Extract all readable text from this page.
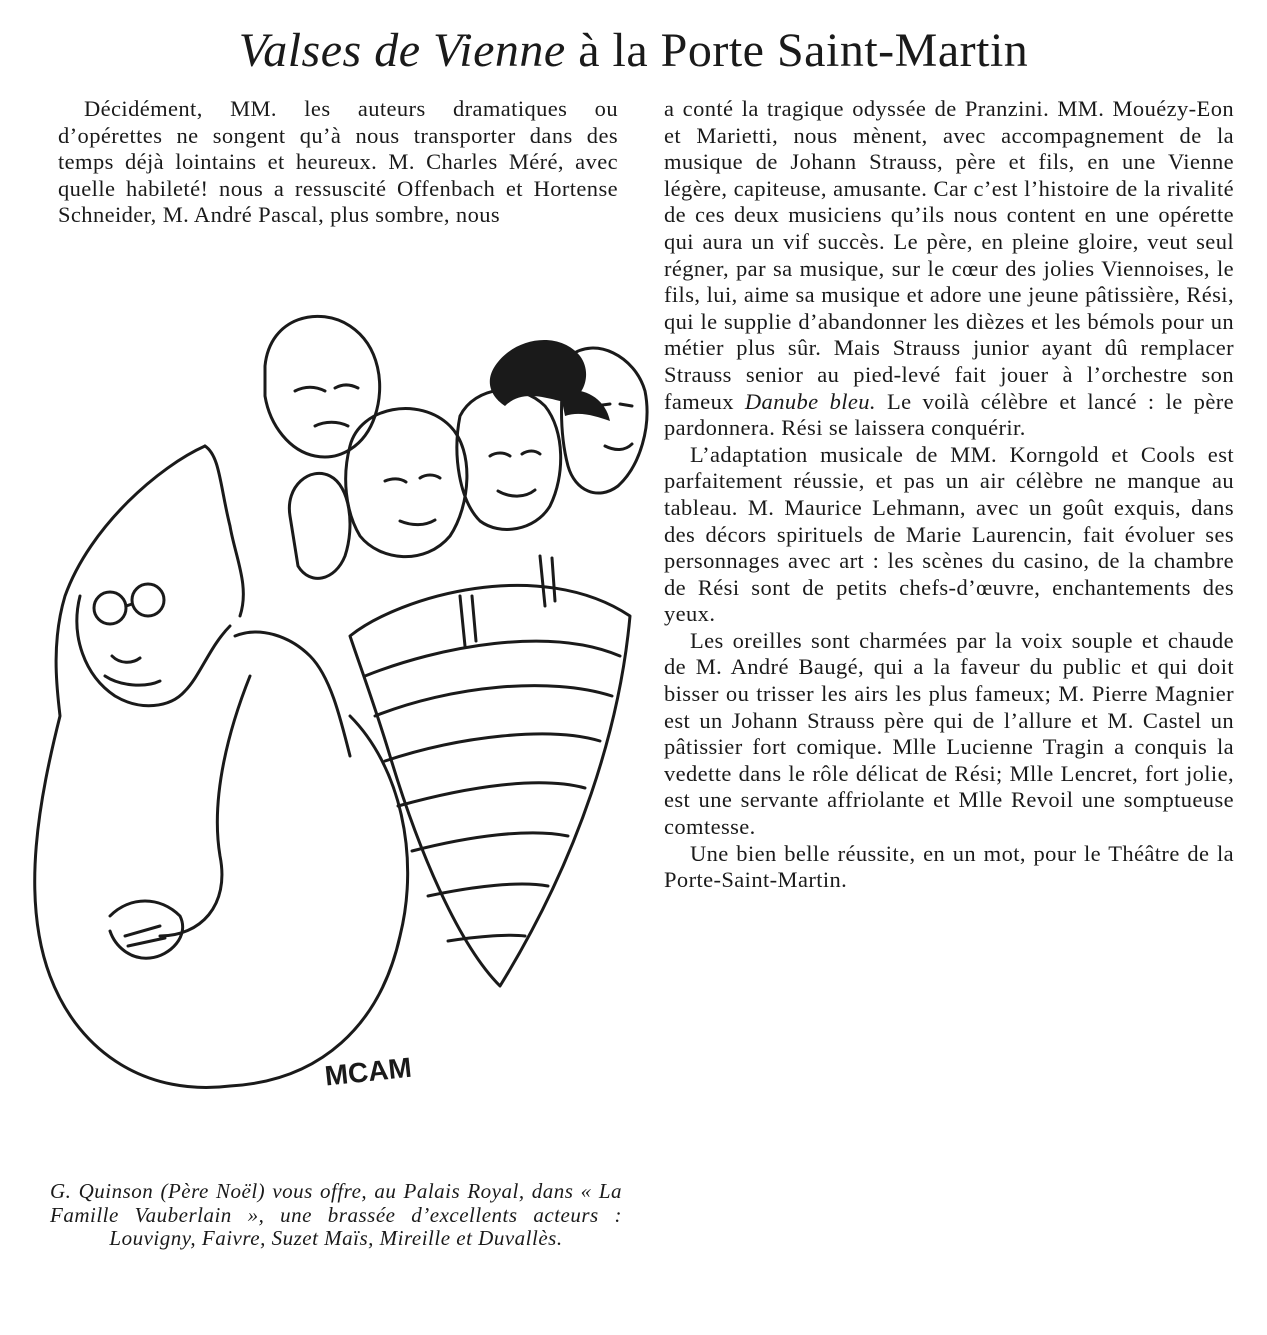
Valses de Vienne à la Porte Saint-Martin

Décidément, MM. les auteurs dramatiques ou d’opérettes ne songent qu’à nous transporter dans des temps déjà lointains et heureux. M. Charles Méré, avec quelle habileté! nous a ressuscité Offenbach et Hortense Schneider, M. André Pascal, plus sombre, nous

MCAM
G. Quinson (Père Noël) vous offre, au Palais Royal, dans « La Famille Vauberlain », une brassée d’excellents acteurs : Louvigny, Faivre, Suzet Maïs, Mireille et Duvallès.

a conté la tragique odyssée de Pranzini. MM. Mouézy-Eon et Marietti, nous mènent, avec accompagnement de la musique de Johann Strauss, père et fils, en une Vienne légère, capiteuse, amusante. Car c’est l’histoire de la rivalité de ces deux musiciens qu’ils nous content en une opérette qui aura un vif succès. Le père, en pleine gloire, veut seul régner, par sa musique, sur le cœur des jolies Viennoises, le fils, lui, aime sa musique et adore une jeune pâtissière, Rési, qui le supplie d’abandonner les dièzes et les bémols pour un métier plus sûr. Mais Strauss junior ayant dû remplacer Strauss senior au pied-levé fait jouer à l’orchestre son fameux Danube bleu. Le voilà célèbre et lancé : le père pardonnera. Rési se laissera conquérir.

L’adaptation musicale de MM. Korngold et Cools est parfaitement réussie, et pas un air célèbre ne manque au tableau. M. Maurice Lehmann, avec un goût exquis, dans des décors spirituels de Marie Laurencin, fait évoluer ses personnages avec art : les scènes du casino, de la chambre de Rési sont de petits chefs-d’œuvre, enchantements des yeux.

Les oreilles sont charmées par la voix souple et chaude de M. André Baugé, qui a la faveur du public et qui doit bisser ou trisser les airs les plus fameux; M. Pierre Magnier est un Johann Strauss père qui de l’allure et M. Castel un pâtissier fort comique. Mlle Lucienne Tragin a conquis la vedette dans le rôle délicat de Rési; Mlle Lencret, fort jolie, est une servante affriolante et Mlle Revoil une somptueuse comtesse.

Une bien belle réussite, en un mot, pour le Théâtre de la Porte-Saint-Martin.
